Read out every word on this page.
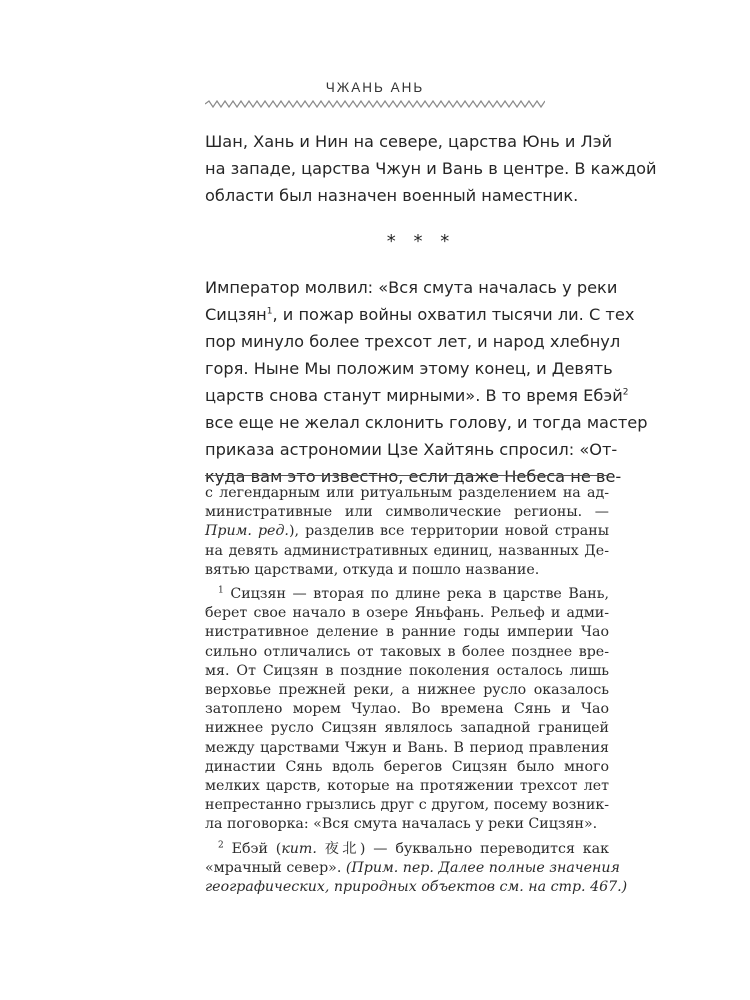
ЧЖАНЬ АНЬ

Шан, Хань и Нин на севере, царства Юнь и Лэй
на западе, царства Чжун и Вань в центре. В каждой
области был назначен военный наместник.

* * *

Император молвил: «Вся смута началась у реки
Сицзян$^1$, и пожар войны охватил тысячи ли. С тех
пор минуло более трехсот лет, и народ хлебнул
горя. Ныне Мы положим этому конец, и Девять
царств снова станут мирными». В то время Ебэй$^2$
все еще не желал склонить голову, и тогда мастер
приказа астрономии Цзе Хайтянь спросил: «От-
куда вам это известно, если даже Небеса не ве-

с легендарным или ритуальным разделением на ад-
министративные или символические регионы. —
Прим. ред.), разделив все территории новой страны
на девять административных единиц, названных Де-
вятью царствами, откуда и пошло название.

$^1$ Сицзян — вторая по длине река в царстве Вань,
берет свое начало в озере Яньфань. Рельеф и адми-
нистративное деление в ранние годы империи Чао
сильно отличались от таковых в более позднее вре-
мя. От Сицзян в поздние поколения осталось лишь
верховье прежней реки, а нижнее русло оказалось
затоплено морем Чулао. Во времена Сянь и Чао
нижнее русло Сицзян являлось западной границей
между царствами Чжун и Вань. В период правления
династии Сянь вдоль берегов Сицзян было много
мелких царств, которые на протяжении трехсот лет
непрестанно грызлись друг с другом, посему возник-
ла поговорка: «Вся смута началась у реки Сицзян».

$^2$ Ебэй (кит. 夜北) — буквально переводится как
«мрачный север». (Прим. пер. Далее полные значения
географических, природных объектов см. на стр. 467.)
